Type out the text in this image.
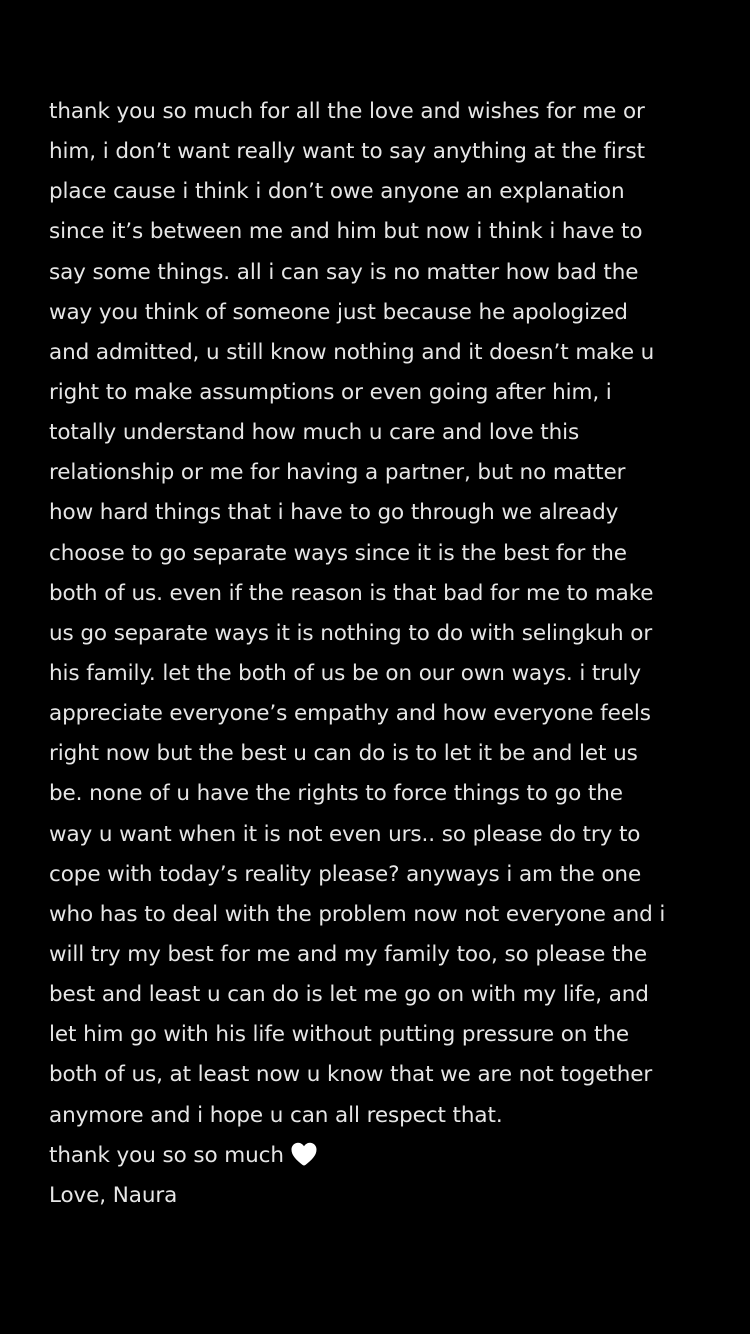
thank you so much for all the love and wishes for me or
him, i don’t want really want to say anything at the first
place cause i think i don’t owe anyone an explanation
since it’s between me and him but now i think i have to
say some things. all i can say is no matter how bad the
way you think of someone just because he apologized
and admitted, u still know nothing and it doesn’t make u
right to make assumptions or even going after him, i
totally understand how much u care and love this
relationship or me for having a partner, but no matter
how hard things that i have to go through we already
choose to go separate ways since it is the best for the
both of us. even if the reason is that bad for me to make
us go separate ways it is nothing to do with selingkuh or
his family. let the both of us be on our own ways. i truly
appreciate everyone’s empathy and how everyone feels
right now but the best u can do is to let it be and let us
be. none of u have the rights to force things to go the
way u want when it is not even urs.. so please do try to
cope with today’s reality please? anyways i am the one
who has to deal with the problem now not everyone and i
will try my best for me and my family too, so please the
best and least u can do is let me go on with my life, and
let him go with his life without putting pressure on the
both of us, at least now u know that we are not together
anymore and i hope u can all respect that.
thank you so so much
Love, Naura
